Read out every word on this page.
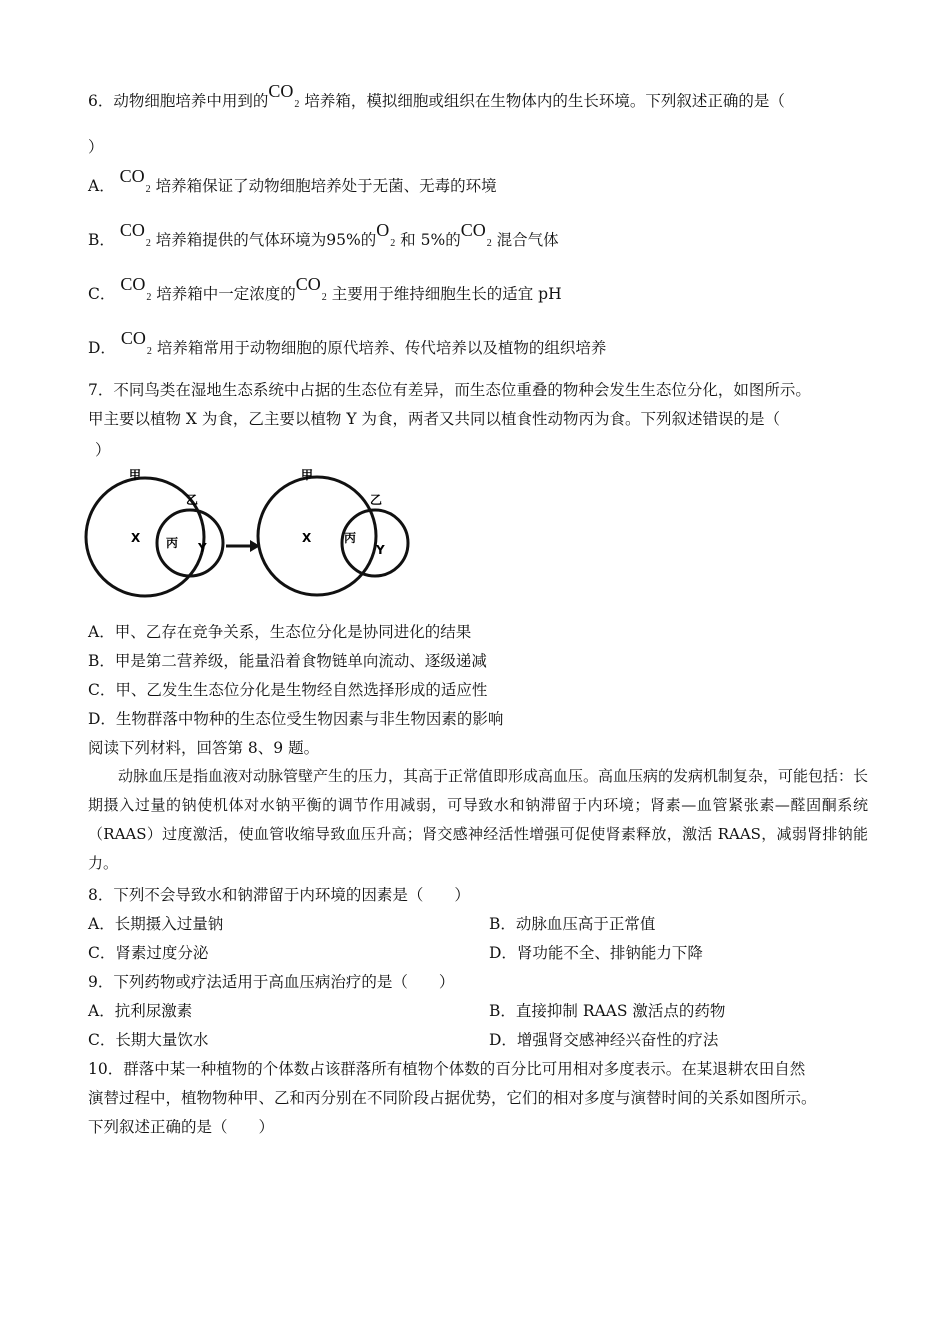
6．动物细胞培养中用到的CO2 培养箱，模拟细胞或组织在生物体内的生长环境。下列叙述正确的是（
）
A． CO2 培养箱保证了动物细胞培养处于无菌、无毒的环境
B． CO2 培养箱提供的气体环境为95%的O2 和 5%的CO2 混合气体
C． CO2 培养箱中一定浓度的CO2 主要用于维持细胞生长的适宜 pH
D． CO2 培养箱常用于动物细胞的原代培养、传代培养以及植物的组织培养
7．不同鸟类在湿地生态系统中占据的生态位有差异，而生态位重叠的物种会发生生态位分化，如图所示。
甲主要以植物 X 为食，乙主要以植物 Y 为食，两者又共同以植食性动物丙为食。下列叙述错误的是（
）
甲
乙
X 丙 Y
甲
乙
X	丙
Y
A．甲、乙存在竞争关系，生态位分化是协同进化的结果
B．甲是第二营养级，能量沿着食物链单向流动、逐级递减
C．甲、乙发生生态位分化是生物经自然选择形成的适应性
D．生物群落中物种的生态位受生物因素与非生物因素的影响
阅读下列材料，回答第 8、9 题。

动脉血压是指血液对动脉管壁产生的压力，其高于正常值即形成高血压。高血压病的发病机制复杂，可能包括：长期摄入过量的钠使机体对水钠平衡的调节作用减弱，可导致水和钠滞留于内环境；肾素—血管紧张素—醛固酮系统（RAAS）过度激活，使血管收缩导致血压升高；肾交感神经活性增强可促使肾素释放，激活 RAAS，减弱肾排钠能力。

8．下列不会导致水和钠滞留于内环境的因素是（　　）
A．长期摄入过量钠	B．动脉血压高于正常值
C．肾素过度分泌	D．肾功能不全、排钠能力下降
9．下列药物或疗法适用于高血压病治疗的是（　　）
A．抗利尿激素	B．直接抑制 RAAS 激活点的药物
C．长期大量饮水	D．增强肾交感神经兴奋性的疗法
10．群落中某一种植物的个体数占该群落所有植物个体数的百分比可用相对多度表示。在某退耕农田自然
演替过程中，植物物种甲、乙和丙分别在不同阶段占据优势，它们的相对多度与演替时间的关系如图所示。
下列叙述正确的是（　　）
